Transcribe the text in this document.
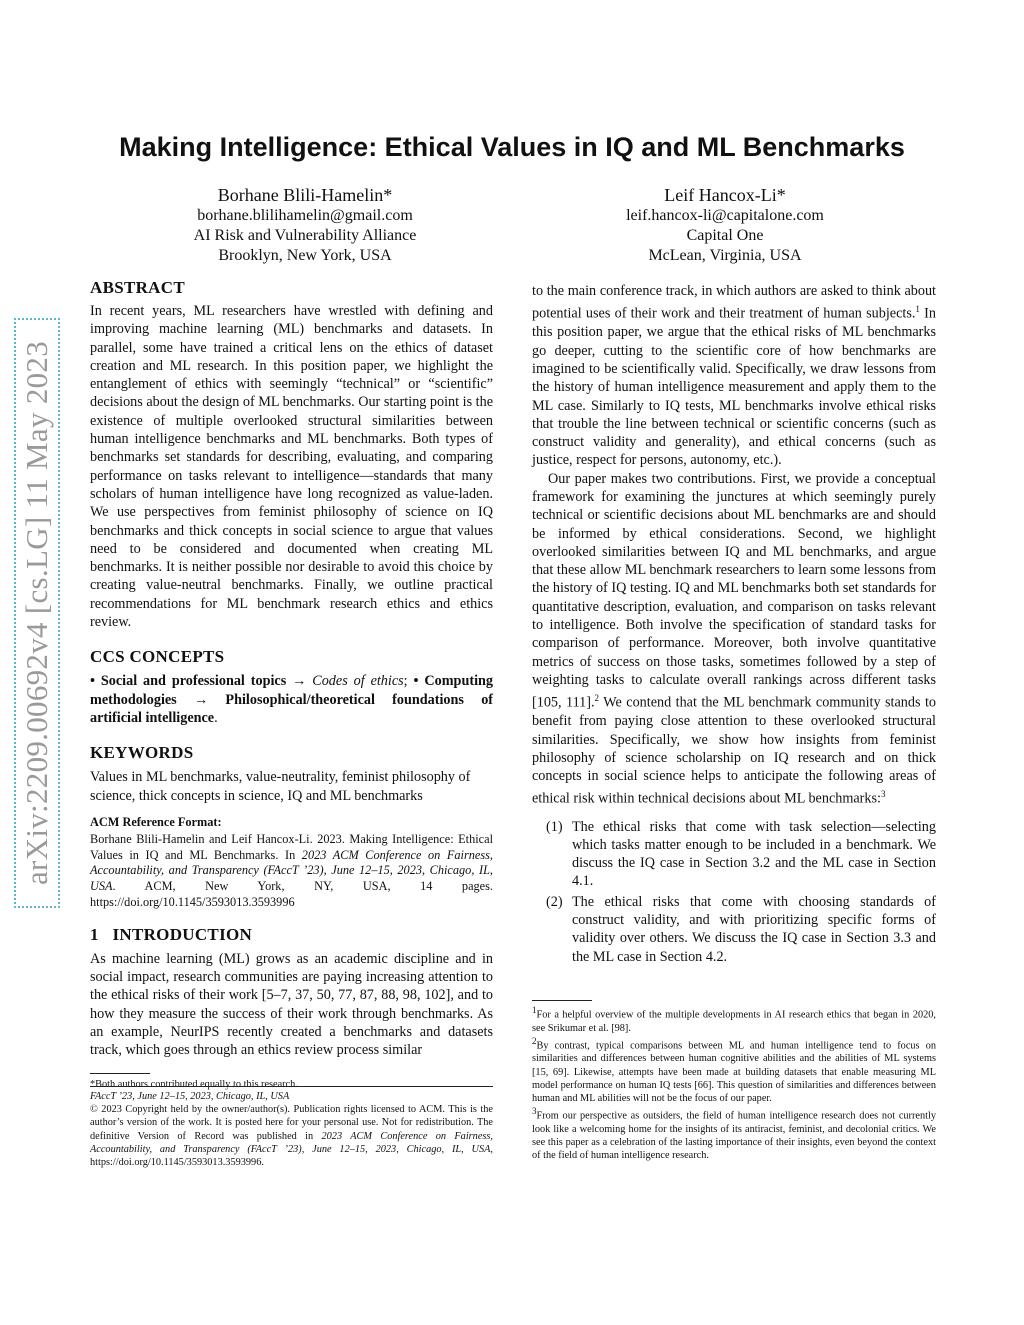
arXiv:2209.00692v4 [cs.LG] 11 May 2023
Making Intelligence: Ethical Values in IQ and ML Benchmarks
Borhane Blili-Hamelin*
borhane.blilihamelin@gmail.com
AI Risk and Vulnerability Alliance
Brooklyn, New York, USA
Leif Hancox-Li*
leif.hancox-li@capitalone.com
Capital One
McLean, Virginia, USA
ABSTRACT

In recent years, ML researchers have wrestled with defining and improving machine learning (ML) benchmarks and datasets. In parallel, some have trained a critical lens on the ethics of dataset creation and ML research. In this position paper, we highlight the entanglement of ethics with seemingly “technical” or “scientific” decisions about the design of ML benchmarks. Our starting point is the existence of multiple overlooked structural similarities between human intelligence benchmarks and ML benchmarks. Both types of benchmarks set standards for describing, evaluating, and comparing performance on tasks relevant to intelligence—standards that many scholars of human intelligence have long recognized as value-laden. We use perspectives from feminist philosophy of science on IQ benchmarks and thick concepts in social science to argue that values need to be considered and documented when creating ML benchmarks. It is neither possible nor desirable to avoid this choice by creating value-neutral benchmarks. Finally, we outline practical recommendations for ML benchmark research ethics and ethics review.

CCS CONCEPTS

• Social and professional topics → Codes of ethics; • Computing methodologies → Philosophical/theoretical foundations of artificial intelligence.

KEYWORDS

Values in ML benchmarks, value-neutrality, feminist philosophy of science, thick concepts in science, IQ and ML benchmarks

ACM Reference Format:

Borhane Blili-Hamelin and Leif Hancox-Li. 2023. Making Intelligence: Ethical Values in IQ and ML Benchmarks. In 2023 ACM Conference on Fairness, Accountability, and Transparency (FAccT ’23), June 12–15, 2023, Chicago, IL, USA. ACM, New York, NY, USA, 14 pages. https://doi.org/10.1145/3593013.3593996

1 INTRODUCTION

As machine learning (ML) grows as an academic discipline and in social impact, research communities are paying increasing attention to the ethical risks of their work [5–7, 37, 50, 77, 87, 88, 98, 102], and to how they measure the success of their work through benchmarks. As an example, NeurIPS recently created a benchmarks and datasets track, which goes through an ethics review process similar

*Both authors contributed equally to this research.

FAccT ’23, June 12–15, 2023, Chicago, IL, USA

© 2023 Copyright held by the owner/author(s). Publication rights licensed to ACM. This is the author’s version of the work. It is posted here for your personal use. Not for redistribution. The definitive Version of Record was published in 2023 ACM Conference on Fairness, Accountability, and Transparency (FAccT ’23), June 12–15, 2023, Chicago, IL, USA, https://doi.org/10.1145/3593013.3593996.

to the main conference track, in which authors are asked to think about potential uses of their work and their treatment of human subjects.$^1$ In this position paper, we argue that the ethical risks of ML benchmarks go deeper, cutting to the scientific core of how benchmarks are imagined to be scientifically valid. Specifically, we draw lessons from the history of human intelligence measurement and apply them to the ML case. Similarly to IQ tests, ML benchmarks involve ethical risks that trouble the line between technical or scientific concerns (such as construct validity and generality), and ethical concerns (such as justice, respect for persons, autonomy, etc.).

Our paper makes two contributions. First, we provide a conceptual framework for examining the junctures at which seemingly purely technical or scientific decisions about ML benchmarks are and should be informed by ethical considerations. Second, we highlight overlooked similarities between IQ and ML benchmarks, and argue that these allow ML benchmark researchers to learn some lessons from the history of IQ testing. IQ and ML benchmarks both set standards for quantitative description, evaluation, and comparison on tasks relevant to intelligence. Both involve the specification of standard tasks for comparison of performance. Moreover, both involve quantitative metrics of success on those tasks, sometimes followed by a step of weighting tasks to calculate overall rankings across different tasks [105, 111].$^2$ We contend that the ML benchmark community stands to benefit from paying close attention to these overlooked structural similarities. Specifically, we show how insights from feminist philosophy of science scholarship on IQ research and on thick concepts in social science helps to anticipate the following areas of ethical risk within technical decisions about ML benchmarks:$^3$

(1) The ethical risks that come with task selection—selecting which tasks matter enough to be included in a benchmark. We discuss the IQ case in Section 3.2 and the ML case in Section 4.1.
(2) The ethical risks that come with choosing standards of construct validity, and with prioritizing specific forms of validity over others. We discuss the IQ case in Section 3.3 and the ML case in Section 4.2.

$^1$For a helpful overview of the multiple developments in AI research ethics that began in 2020, see Srikumar et al. [98].

$^2$By contrast, typical comparisons between ML and human intelligence tend to focus on similarities and differences between human cognitive abilities and the abilities of ML systems [15, 69]. Likewise, attempts have been made at building datasets that enable measuring ML model performance on human IQ tests [66]. This question of similarities and differences between human and ML abilities will not be the focus of our paper.

$^3$From our perspective as outsiders, the field of human intelligence research does not currently look like a welcoming home for the insights of its antiracist, feminist, and decolonial critics. We see this paper as a celebration of the lasting importance of their insights, even beyond the context of the field of human intelligence research.
